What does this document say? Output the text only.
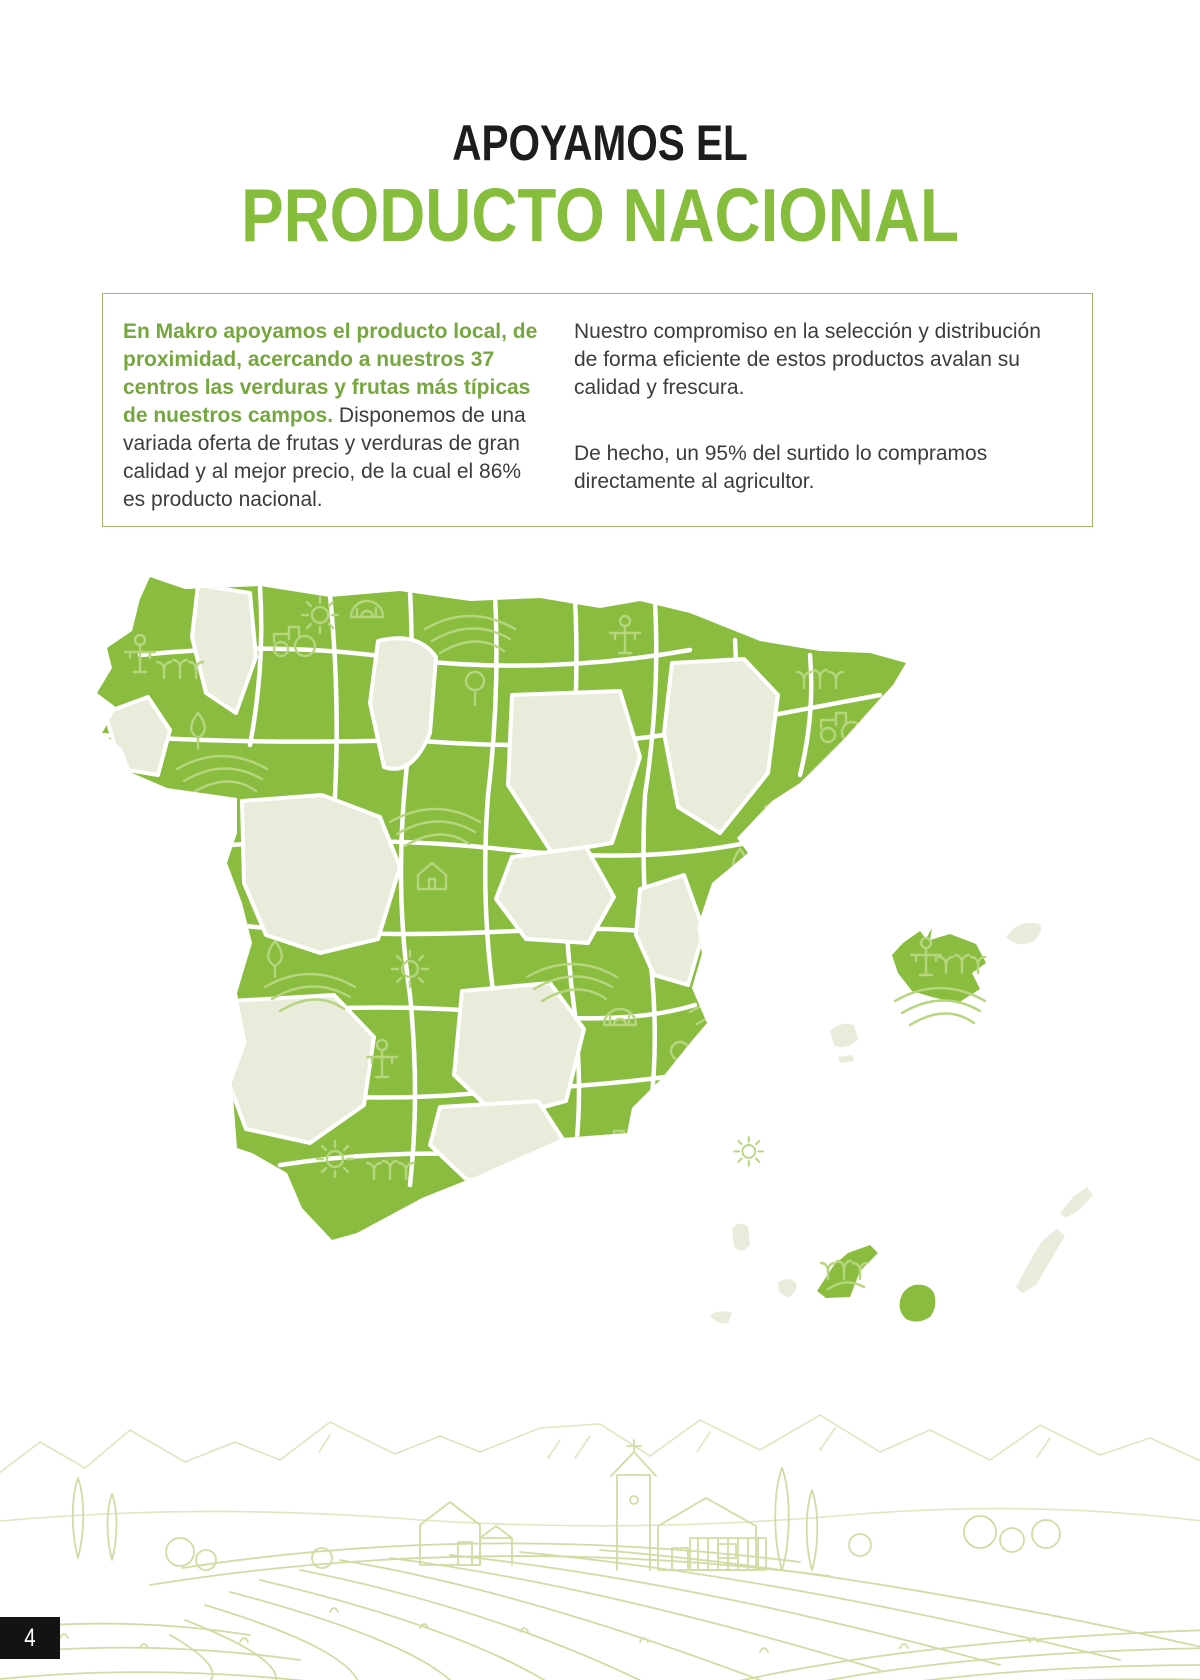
APOYAMOS EL
PRODUCTO NACIONAL
En Makro apoyamos el producto local, de proximidad, acercando a nuestros 37 centros las verduras y frutas más típicas de nuestros campos. Disponemos de una variada oferta de frutas y verduras de gran calidad y al mejor precio, de la cual el 86% es producto nacional.

Nuestro compromiso en la selección y distribución de forma eficiente de estos productos avalan su calidad y frescura.

De hecho, un 95% del surtido lo compramos directamente al agricultor.

4
